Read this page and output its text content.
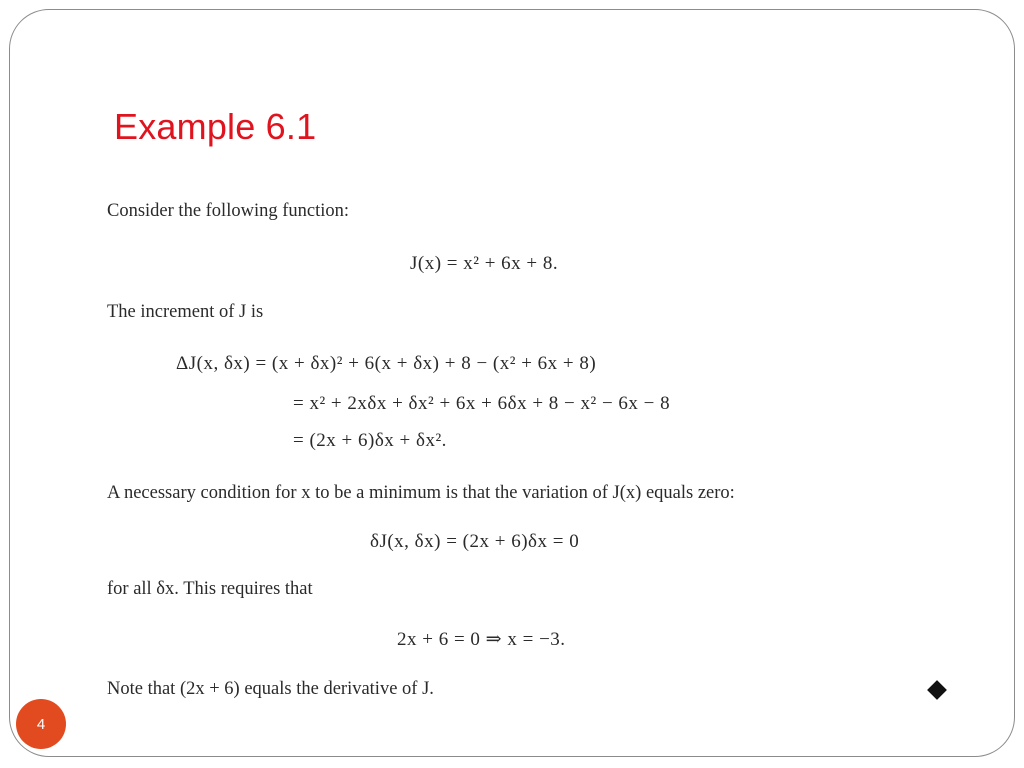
Example 6.1

Consider the following function:

J(x) = x² + 6x + 8.

The increment of J is

ΔJ(x, δx) = (x + δx)² + 6(x + δx) + 8 − (x² + 6x + 8)

= x² + 2xδx + δx² + 6x + 6δx + 8 − x² − 6x − 8

= (2x + 6)δx + δx².

A necessary condition for x to be a minimum is that the variation of J(x) equals zero:

δJ(x, δx) = (2x + 6)δx = 0

for all δx. This requires that

2x + 6 = 0 ⇒ x = −3.

Note that (2x + 6) equals the derivative of J.

4
